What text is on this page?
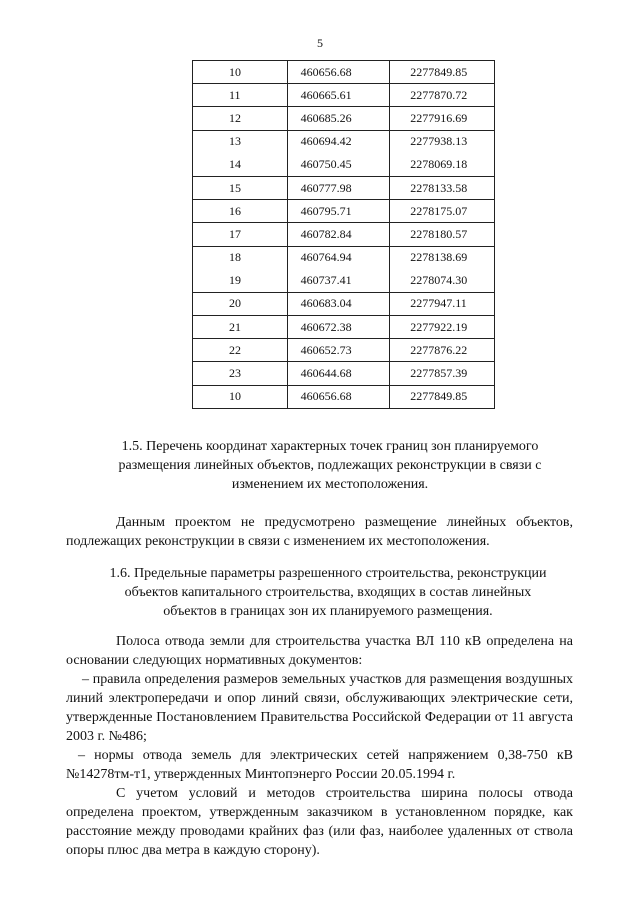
5
10	460656.68	2277849.85
11	460665.61	2277870.72
12	460685.26	2277916.69
13	460694.42	2277938.13
14	460750.45	2278069.18
15	460777.98	2278133.58
16	460795.71	2278175.07
17	460782.84	2278180.57
18	460764.94	2278138.69
19	460737.41	2278074.30
20	460683.04	2277947.11
21	460672.38	2277922.19
22	460652.73	2277876.22
23	460644.68	2277857.39
10	460656.68	2277849.85
1.5. Перечень координат характерных точек границ зон планируемого размещения линейных объектов, подлежащих реконструкции в связи с изменением их местоположения.
Данным проектом не предусмотрено размещение линейных объектов, подлежащих реконструкции в связи с изменением их местоположения.
1.6. Предельные параметры разрешенного строительства, реконструкции объектов капитального строительства, входящих в состав линейных объектов в границах зон их планируемого размещения.
Полоса отвода земли для строительства участка ВЛ 110 кВ определена на основании следующих нормативных документов:
– правила определения размеров земельных участков для размещения воздушных линий электропередачи и опор линий связи, обслуживающих электрические сети, утвержденные Постановлением Правительства Российской Федерации от 11 августа 2003 г. №486;
– нормы отвода земель для электрических сетей напряжением 0,38-750 кВ №14278тм-т1, утвержденных Минтопэнерго России 20.05.1994 г.
С учетом условий и методов строительства ширина полосы отвода определена проектом, утвержденным заказчиком в установленном порядке, как расстояние между проводами крайних фаз (или фаз, наиболее удаленных от ствола опоры плюс два метра в каждую сторону).
